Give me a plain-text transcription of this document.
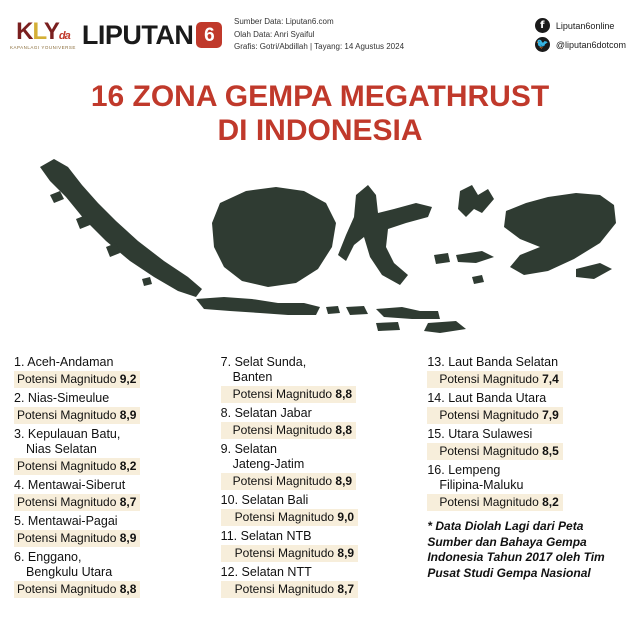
KLYda
KAPANLAGI YOUNIVERSE LIPUTAN 6
Sumber Data: Liputan6.com
Olah Data: Anri Syaiful
Grafis: Gotri/Abdillah | Tayang: 14 Agustus 2024
f	Liputan6online
🐦 @liputan6dotcom
16 ZONA GEMPA MEGATHRUST
DI INDONESIA
1. Aceh-Andaman
Potensi Magnitudo 9,2
2. Nias-Simeulue
Potensi Magnitudo 8,9
3. Kepulauan Batu,
Nias Selatan
Potensi Magnitudo 8,2
4. Mentawai-Siberut
Potensi Magnitudo 8,7
5. Mentawai-Pagai
Potensi Magnitudo 8,9
6. Enggano,
Bengkulu Utara
Potensi Magnitudo 8,8
7. Selat Sunda,
Banten
Potensi Magnitudo 8,8
8. Selatan Jabar
Potensi Magnitudo 8,8
9. Selatan
Jateng-Jatim
Potensi Magnitudo 8,9
10. Selatan Bali
Potensi Magnitudo 9,0
11. Selatan NTB
Potensi Magnitudo 8,9
12. Selatan NTT
Potensi Magnitudo 8,7
13. Laut Banda Selatan
Potensi Magnitudo 7,4
14. Laut Banda Utara
Potensi Magnitudo 7,9
15. Utara Sulawesi
Potensi Magnitudo 8,5
16. Lempeng
Filipina-Maluku
Potensi Magnitudo 8,2
* Data Diolah Lagi dari Peta Sumber dan Bahaya Gempa Indonesia Tahun 2017 oleh Tim Pusat Studi Gempa Nasional
